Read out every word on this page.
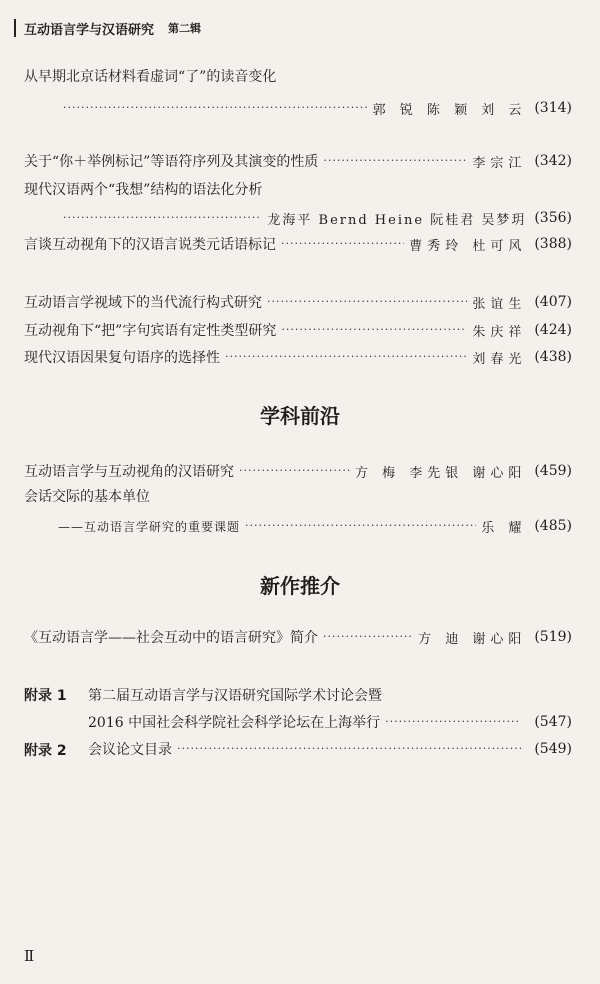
互动语言学与汉语研究 第二辑
从早期北京话材料看虚词“了”的读音变化
·····
郭 锐 陈 颖 刘 云 (314)
关于“你＋举例标记”等语符序列及其演变的性质 ·····	李宗江 (342)
现代汉语两个“我想”结构的语法化分析
·····
龙海平 Bernd Heine 阮桂君 吴梦玥 (356)
言谈互动视角下的汉语言说类元话语标记 ·····	曹秀玲 杜可风 (388)
互动语言学视域下的当代流行构式研究 ·····	张谊生 (407)
互动视角下“把”字句宾语有定性类型研究 ·····	朱庆祥 (424)
现代汉语因果复句语序的选择性 ·····	刘春光 (438)
学科前沿
互动语言学与互动视角的汉语研究 ·····	方 梅 李先银 谢心阳 (459)
会话交际的基本单位
——互动语言学研究的重要课题 ·····	乐 耀 (485)
新作推介
《互动语言学——社会互动中的语言研究》简介 ·····	方 迪 谢心阳 (519)
附录 1 第二届互动语言学与汉语研究国际学术讨论会暨
2016 中国社会科学院社会科学论坛在上海举行 ·····	(547)
附录 2 会议论文目录 ·····	(549)
Ⅱ
